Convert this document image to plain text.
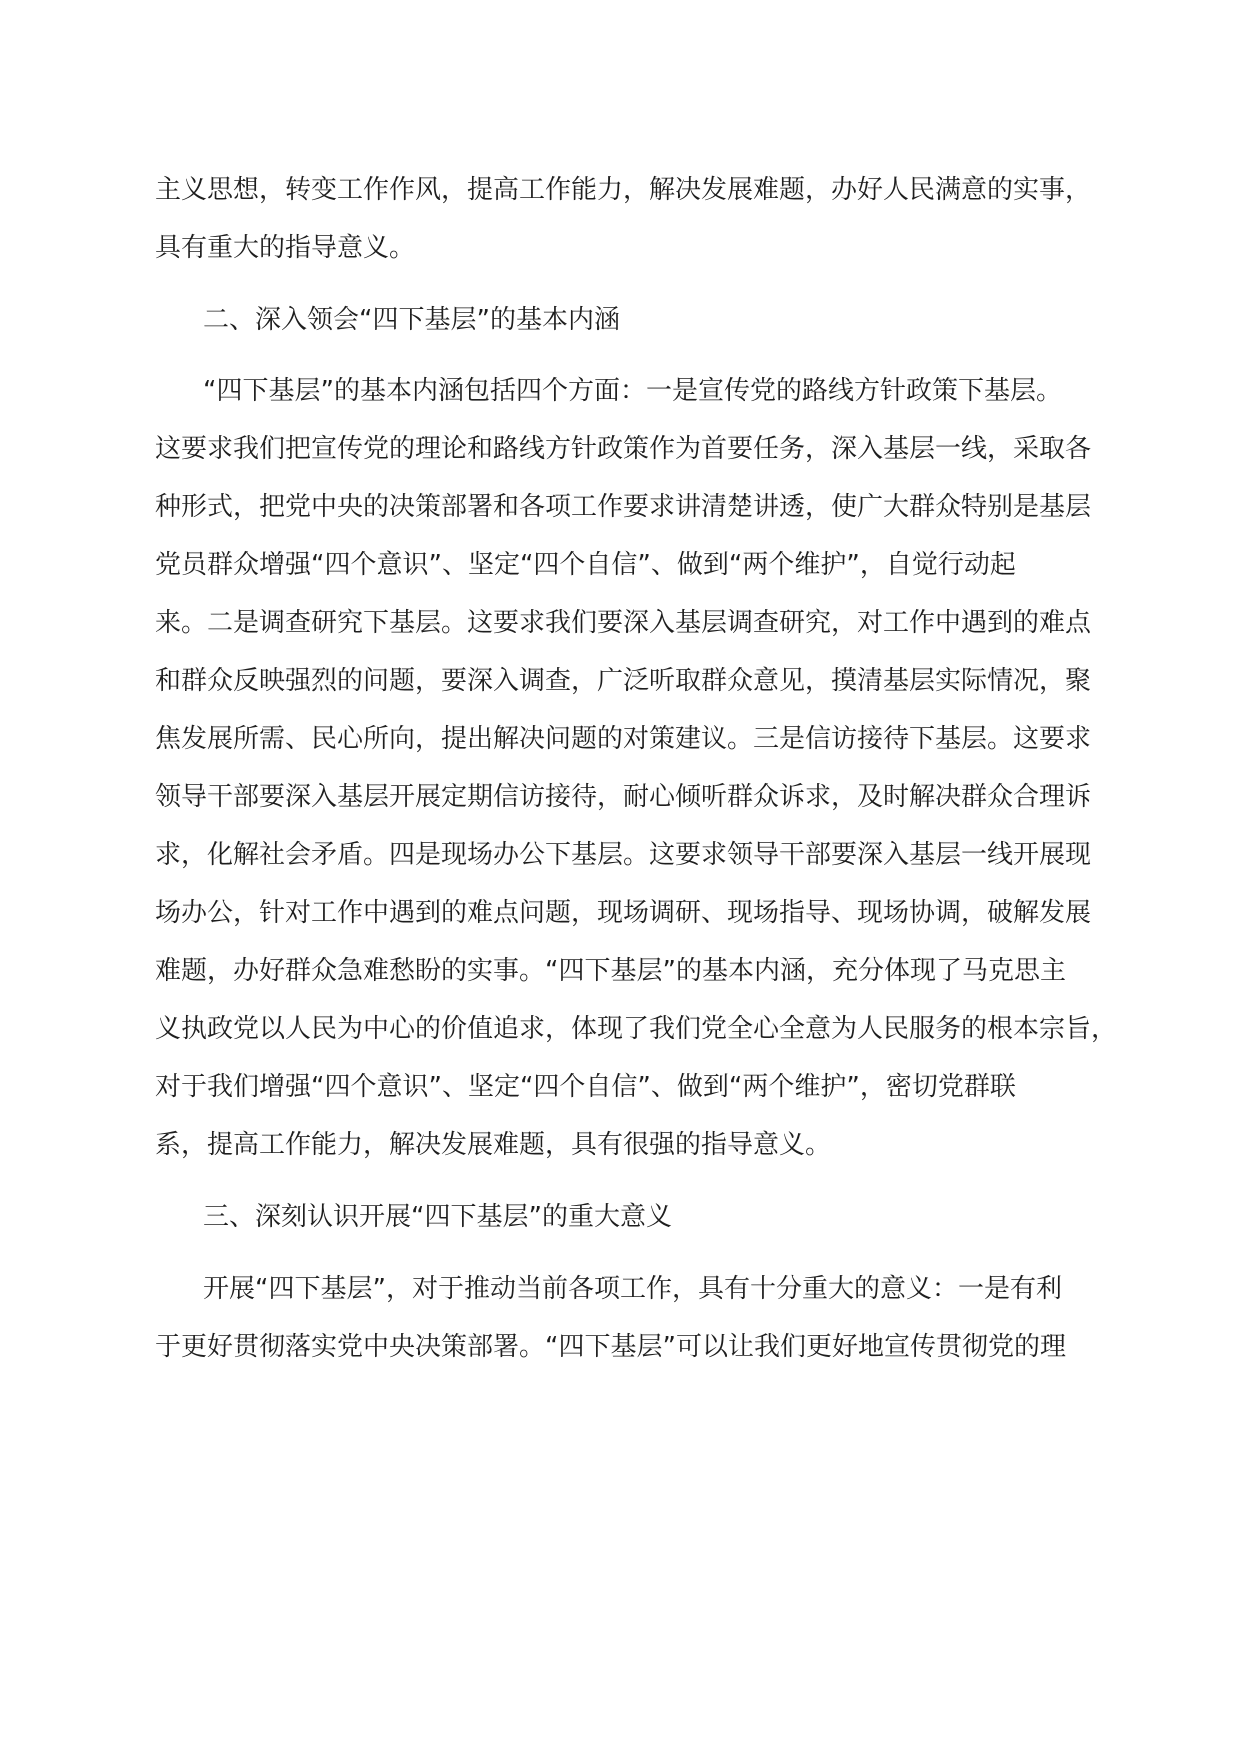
主义思想，转变工作作风，提高工作能力，解决发展难题，办好人民满意的实事，
具有重大的指导意义。
二、深入领会“四下基层”的基本内涵
“四下基层”的基本内涵包括四个方面：一是宣传党的路线方针政策下基层。
这要求我们把宣传党的理论和路线方针政策作为首要任务，深入基层一线，采取各
种形式，把党中央的决策部署和各项工作要求讲清楚讲透，使广大群众特别是基层
党员群众增强“四个意识”、坚定“四个自信”、做到“两个维护”，自觉行动起
来。二是调查研究下基层。这要求我们要深入基层调查研究，对工作中遇到的难点
和群众反映强烈的问题，要深入调查，广泛听取群众意见，摸清基层实际情况，聚
焦发展所需、民心所向，提出解决问题的对策建议。三是信访接待下基层。这要求
领导干部要深入基层开展定期信访接待，耐心倾听群众诉求，及时解决群众合理诉
求，化解社会矛盾。四是现场办公下基层。这要求领导干部要深入基层一线开展现
场办公，针对工作中遇到的难点问题，现场调研、现场指导、现场协调，破解发展
难题，办好群众急难愁盼的实事。“四下基层”的基本内涵，充分体现了马克思主
义执政党以人民为中心的价值追求，体现了我们党全心全意为人民服务的根本宗旨，
对于我们增强“四个意识”、坚定“四个自信”、做到“两个维护”，密切党群联
系，提高工作能力，解决发展难题，具有很强的指导意义。
三、深刻认识开展“四下基层”的重大意义
开展“四下基层”，对于推动当前各项工作，具有十分重大的意义：一是有利
于更好贯彻落实党中央决策部署。“四下基层”可以让我们更好地宣传贯彻党的理
